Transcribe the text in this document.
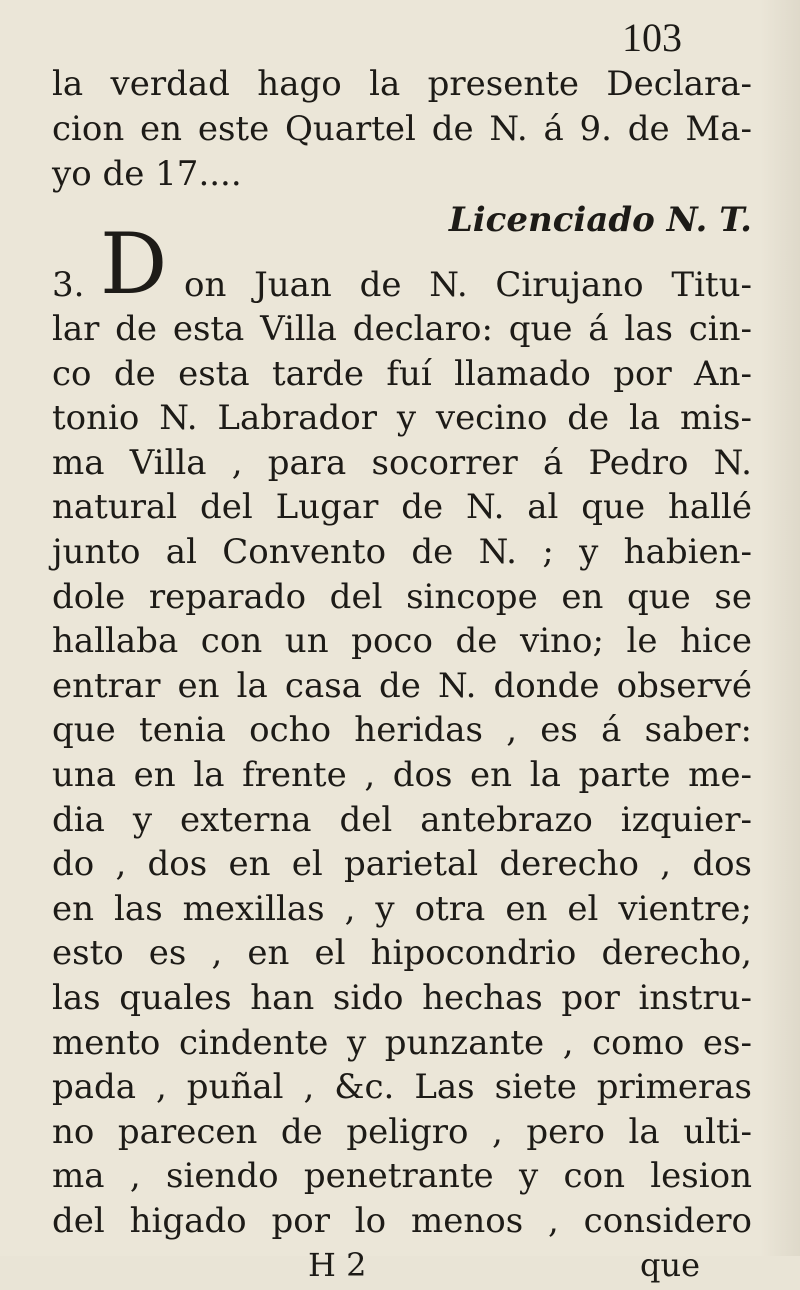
103
la verdad hago la presente Declara-
cion en este Quartel de N. á 9. de Ma-
yo de 17....
Licenciado N. T.
3.	on Juan de N. Cirujano Titu-
lar de esta Villa declaro: que á las cin-
co de esta tarde fuí llamado por An-
tonio N. Labrador y vecino de la mis-
ma Villa , para socorrer á Pedro N.
natural del Lugar de N. al que hallé
junto al Convento de N. ; y habien-
dole reparado del sincope en que se
hallaba con un poco de vino; le hice
entrar en la casa de N. donde observé
que tenia ocho heridas , es á saber:
una en la frente , dos en la parte me-
dia y externa del antebrazo izquier-
do , dos en el parietal derecho , dos
en las mexillas , y otra en el vientre;
esto es , en el hipocondrio derecho,
las quales han sido hechas por instru-
mento cindente y punzante , como es-
pada , puñal , &c. Las siete primeras
no parecen de peligro , pero la ulti-
ma , siendo penetrante y con lesion
del higado por lo menos , considero
D
H 2	que
